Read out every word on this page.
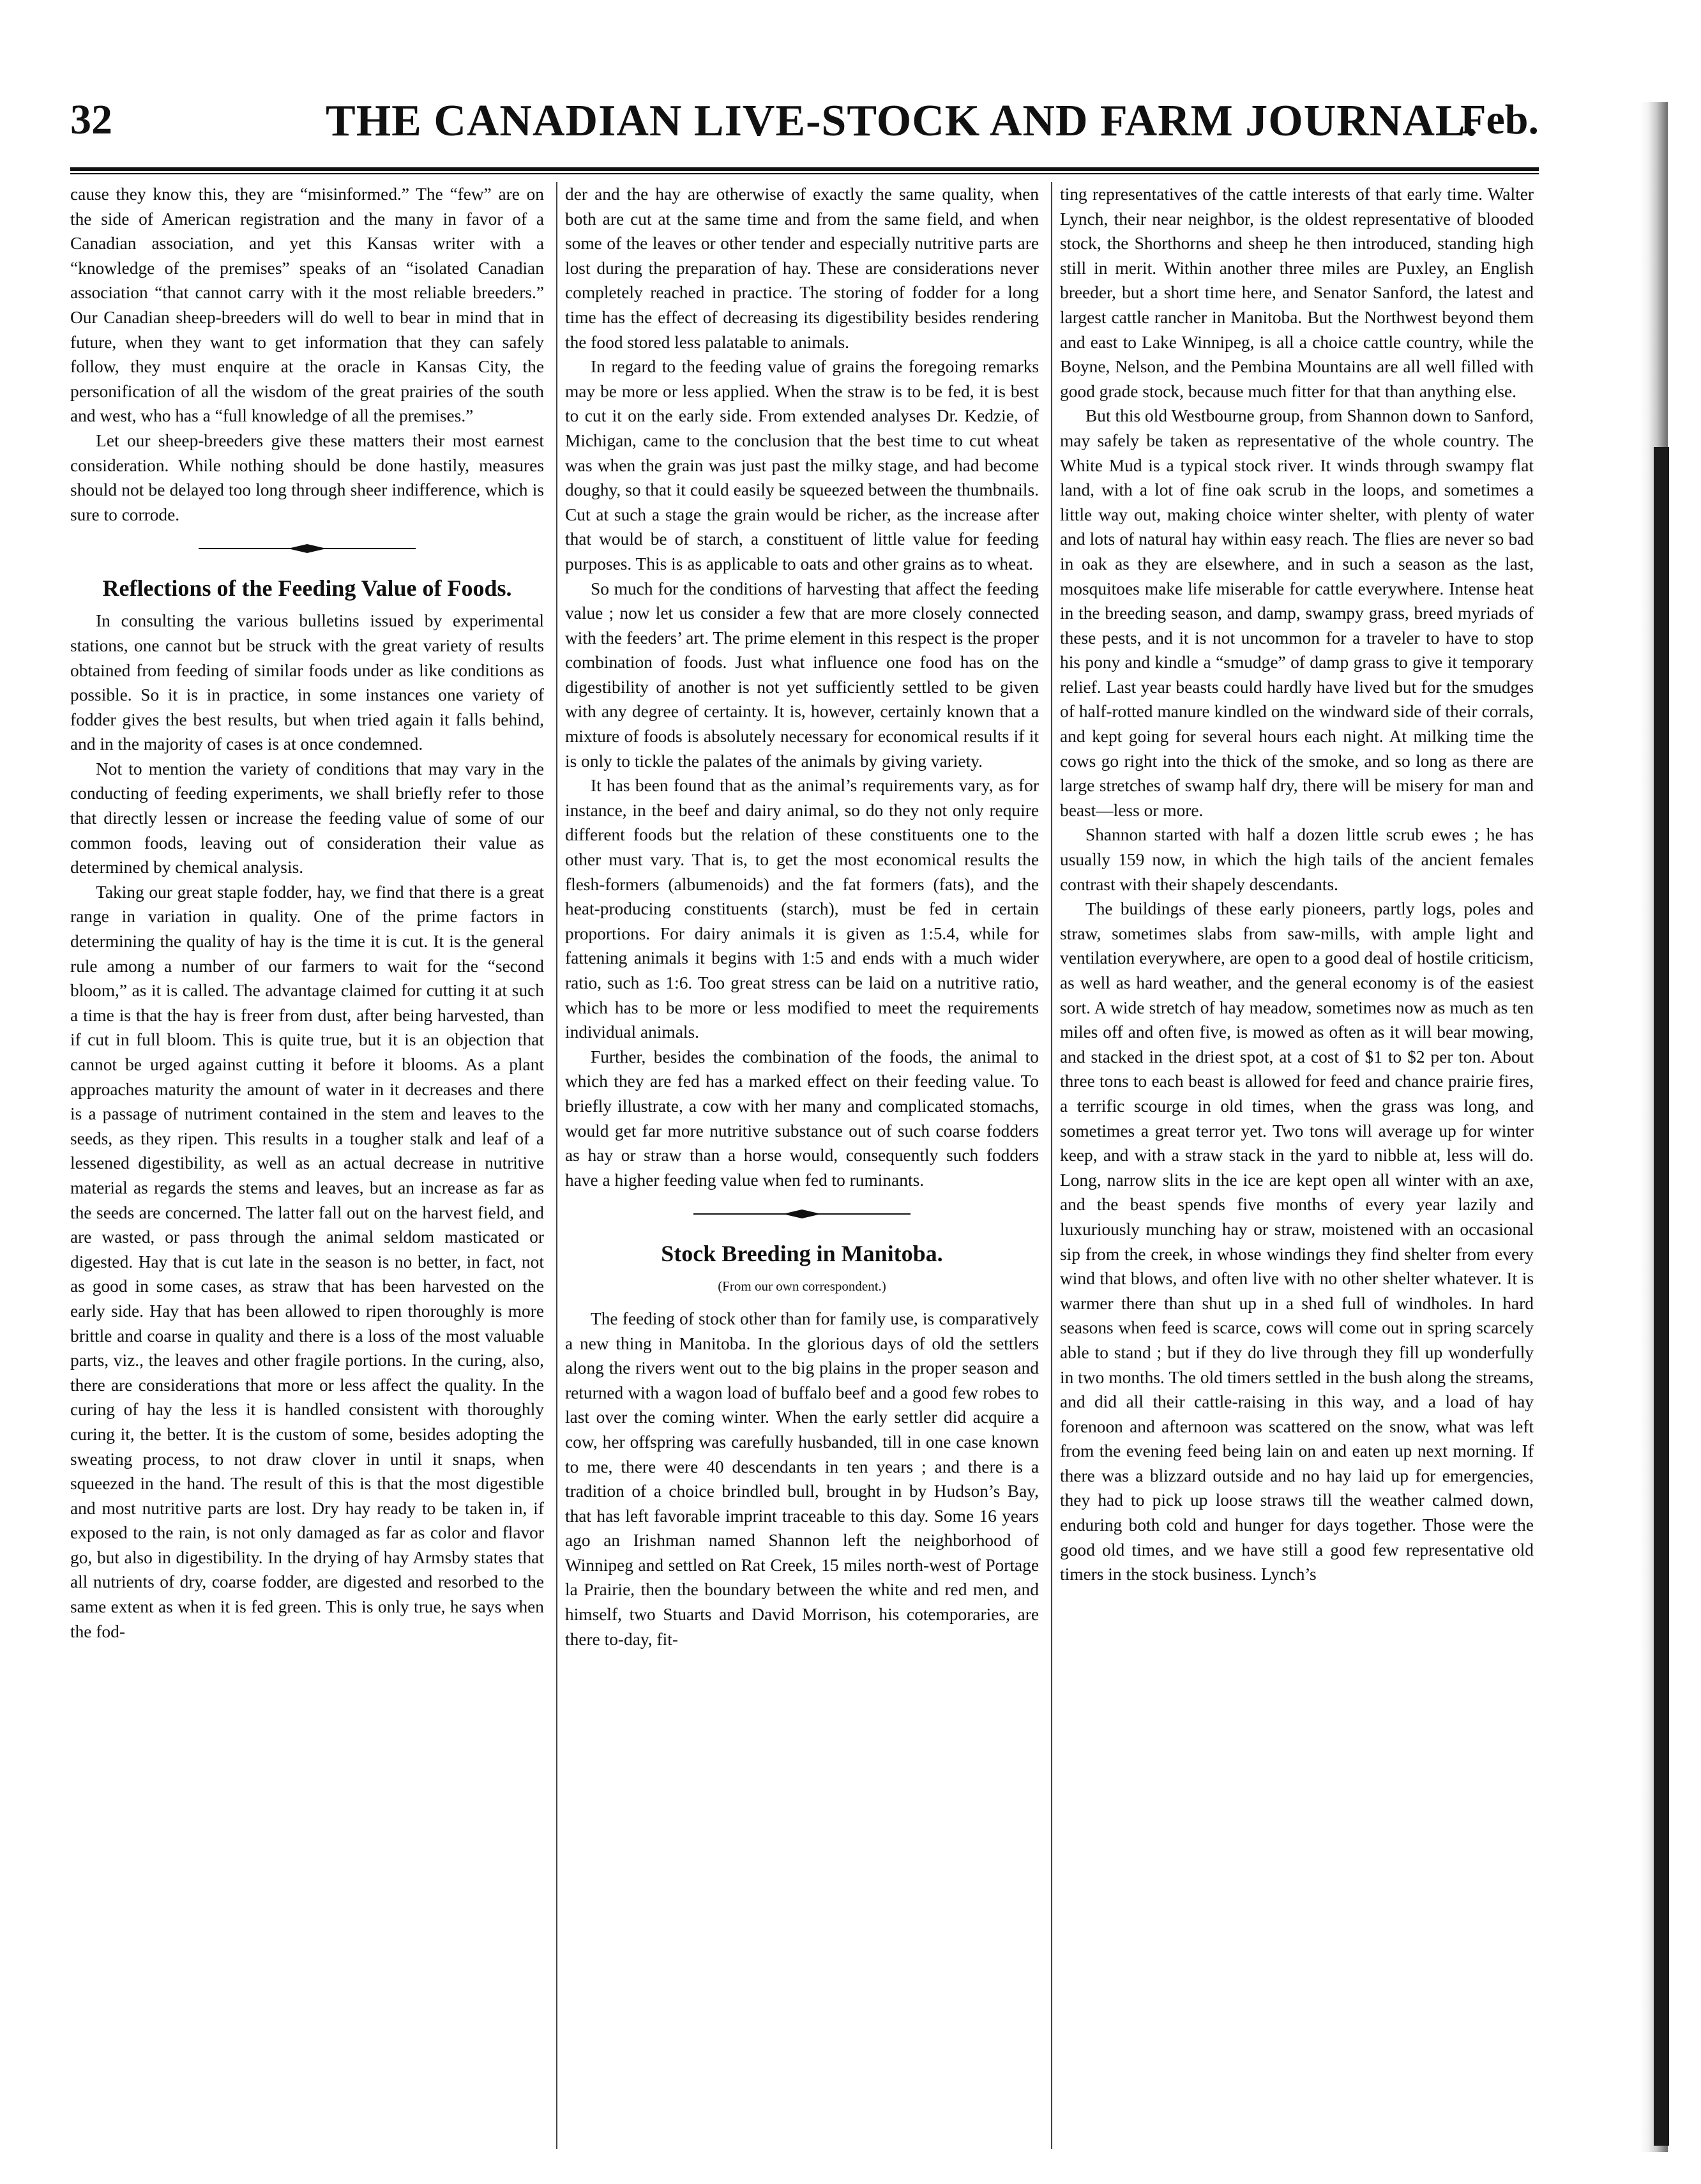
32	THE CANADIAN LIVE-STOCK AND FARM JOURNAL.
Feb.

cause they know this, they are “misinformed.” The “few” are on the side of American registration and the many in favor of a Canadian association, and yet this Kansas writer with a “knowledge of the premises” speaks of an “isolated Canadian association “that cannot carry with it the most reliable breeders.” Our Canadian sheep-breeders will do well to bear in mind that in future, when they want to get information that they can safely follow, they must enquire at the oracle in Kansas City, the personification of all the wisdom of the great prairies of the south and west, who has a “full knowledge of all the premises.”

Let our sheep-breeders give these matters their most earnest consideration. While nothing should be done hastily, measures should not be delayed too long through sheer indifference, which is sure to corrode.

Reflections of the Feeding Value of Foods.

In consulting the various bulletins issued by experimental stations, one cannot but be struck with the great variety of results obtained from feeding of similar foods under as like conditions as possible. So it is in practice, in some instances one variety of fodder gives the best results, but when tried again it falls behind, and in the majority of cases is at once condemned.

Not to mention the variety of conditions that may vary in the conducting of feeding experiments, we shall briefly refer to those that directly lessen or increase the feeding value of some of our common foods, leaving out of consideration their value as determined by chemical analysis.

Taking our great staple fodder, hay, we find that there is a great range in variation in quality. One of the prime factors in determining the quality of hay is the time it is cut. It is the general rule among a number of our farmers to wait for the “second bloom,” as it is called. The advantage claimed for cutting it at such a time is that the hay is freer from dust, after being harvested, than if cut in full bloom. This is quite true, but it is an objection that cannot be urged against cutting it before it blooms. As a plant approaches maturity the amount of water in it decreases and there is a passage of nutriment contained in the stem and leaves to the seeds, as they ripen. This results in a tougher stalk and leaf of a lessened digestibility, as well as an actual decrease in nutritive material as regards the stems and leaves, but an increase as far as the seeds are concerned. The latter fall out on the harvest field, and are wasted, or pass through the animal seldom masticated or digested. Hay that is cut late in the season is no better, in fact, not as good in some cases, as straw that has been harvested on the early side. Hay that has been allowed to ripen thoroughly is more brittle and coarse in quality and there is a loss of the most valuable parts, viz., the leaves and other fragile portions. In the curing, also, there are considerations that more or less affect the quality. In the curing of hay the less it is handled consistent with thoroughly curing it, the better. It is the custom of some, besides adopting the sweating process, to not draw clover in until it snaps, when squeezed in the hand. The result of this is that the most digestible and most nutritive parts are lost. Dry hay ready to be taken in, if exposed to the rain, is not only damaged as far as color and flavor go, but also in digestibility. In the drying of hay Armsby states that all nutrients of dry, coarse fodder, are digested and resorbed to the same extent as when it is fed green. This is only true, he says when the fod-

der and the hay are otherwise of exactly the same quality, when both are cut at the same time and from the same field, and when some of the leaves or other tender and especially nutritive parts are lost during the preparation of hay. These are considerations never completely reached in practice. The storing of fodder for a long time has the effect of decreasing its digestibility besides rendering the food stored less palatable to animals.

In regard to the feeding value of grains the foregoing remarks may be more or less applied. When the straw is to be fed, it is best to cut it on the early side. From extended analyses Dr. Kedzie, of Michigan, came to the conclusion that the best time to cut wheat was when the grain was just past the milky stage, and had become doughy, so that it could easily be squeezed between the thumbnails. Cut at such a stage the grain would be richer, as the increase after that would be of starch, a constituent of little value for feeding purposes. This is as applicable to oats and other grains as to wheat.

So much for the conditions of harvesting that affect the feeding value ; now let us consider a few that are more closely connected with the feeders’ art. The prime element in this respect is the proper combination of foods. Just what influence one food has on the digestibility of another is not yet sufficiently settled to be given with any degree of certainty. It is, however, certainly known that a mixture of foods is absolutely necessary for economical results if it is only to tickle the palates of the animals by giving variety.

It has been found that as the animal’s requirements vary, as for instance, in the beef and dairy animal, so do they not only require different foods but the relation of these constituents one to the other must vary. That is, to get the most economical results the flesh-formers (albumenoids) and the fat formers (fats), and the heat-producing constituents (starch), must be fed in certain proportions. For dairy animals it is given as 1:5.4, while for fattening animals it begins with 1:5 and ends with a much wider ratio, such as 1:6. Too great stress can be laid on a nutritive ratio, which has to be more or less modified to meet the requirements individual animals.

Further, besides the combination of the foods, the animal to which they are fed has a marked effect on their feeding value. To briefly illustrate, a cow with her many and complicated stomachs, would get far more nutritive substance out of such coarse fodders as hay or straw than a horse would, consequently such fodders have a higher feeding value when fed to ruminants.

Stock Breeding in Manitoba.
(From our own correspondent.)

The feeding of stock other than for family use, is comparatively a new thing in Manitoba. In the glorious days of old the settlers along the rivers went out to the big plains in the proper season and returned with a wagon load of buffalo beef and a good few robes to last over the coming winter. When the early settler did acquire a cow, her offspring was carefully husbanded, till in one case known to me, there were 40 descendants in ten years ; and there is a tradition of a choice brindled bull, brought in by Hudson’s Bay, that has left favorable imprint traceable to this day. Some 16 years ago an Irishman named Shannon left the neighborhood of Winnipeg and settled on Rat Creek, 15 miles north-west of Portage la Prairie, then the boundary between the white and red men, and himself, two Stuarts and David Morrison, his cotemporaries, are there to-day, fit-

ting representatives of the cattle interests of that early time. Walter Lynch, their near neighbor, is the oldest representative of blooded stock, the Shorthorns and sheep he then introduced, standing high still in merit. Within another three miles are Puxley, an English breeder, but a short time here, and Senator Sanford, the latest and largest cattle rancher in Manitoba. But the Northwest beyond them and east to Lake Winnipeg, is all a choice cattle country, while the Boyne, Nelson, and the Pembina Mountains are all well filled with good grade stock, because much fitter for that than anything else.

But this old Westbourne group, from Shannon down to Sanford, may safely be taken as representative of the whole country. The White Mud is a typical stock river. It winds through swampy flat land, with a lot of fine oak scrub in the loops, and sometimes a little way out, making choice winter shelter, with plenty of water and lots of natural hay within easy reach. The flies are never so bad in oak as they are elsewhere, and in such a season as the last, mosquitoes make life miserable for cattle everywhere. Intense heat in the breeding season, and damp, swampy grass, breed myriads of these pests, and it is not uncommon for a traveler to have to stop his pony and kindle a “smudge” of damp grass to give it temporary relief. Last year beasts could hardly have lived but for the smudges of half-rotted manure kindled on the windward side of their corrals, and kept going for several hours each night. At milking time the cows go right into the thick of the smoke, and so long as there are large stretches of swamp half dry, there will be misery for man and beast—less or more.

Shannon started with half a dozen little scrub ewes ; he has usually 159 now, in which the high tails of the ancient females contrast with their shapely descendants.

The buildings of these early pioneers, partly logs, poles and straw, sometimes slabs from saw-mills, with ample light and ventilation everywhere, are open to a good deal of hostile criticism, as well as hard weather, and the general economy is of the easiest sort. A wide stretch of hay meadow, sometimes now as much as ten miles off and often five, is mowed as often as it will bear mowing, and stacked in the driest spot, at a cost of $1 to $2 per ton. About three tons to each beast is allowed for feed and chance prairie fires, a terrific scourge in old times, when the grass was long, and sometimes a great terror yet. Two tons will average up for winter keep, and with a straw stack in the yard to nibble at, less will do. Long, narrow slits in the ice are kept open all winter with an axe, and the beast spends five months of every year lazily and luxuriously munching hay or straw, moistened with an occasional sip from the creek, in whose windings they find shelter from every wind that blows, and often live with no other shelter whatever. It is warmer there than shut up in a shed full of windholes. In hard seasons when feed is scarce, cows will come out in spring scarcely able to stand ; but if they do live through they fill up wonderfully in two months. The old timers settled in the bush along the streams, and did all their cattle-raising in this way, and a load of hay forenoon and afternoon was scattered on the snow, what was left from the evening feed being lain on and eaten up next morning. If there was a blizzard outside and no hay laid up for emergencies, they had to pick up loose straws till the weather calmed down, enduring both cold and hunger for days together. Those were the good old times, and we have still a good few representative old timers in the stock business. Lynch’s
